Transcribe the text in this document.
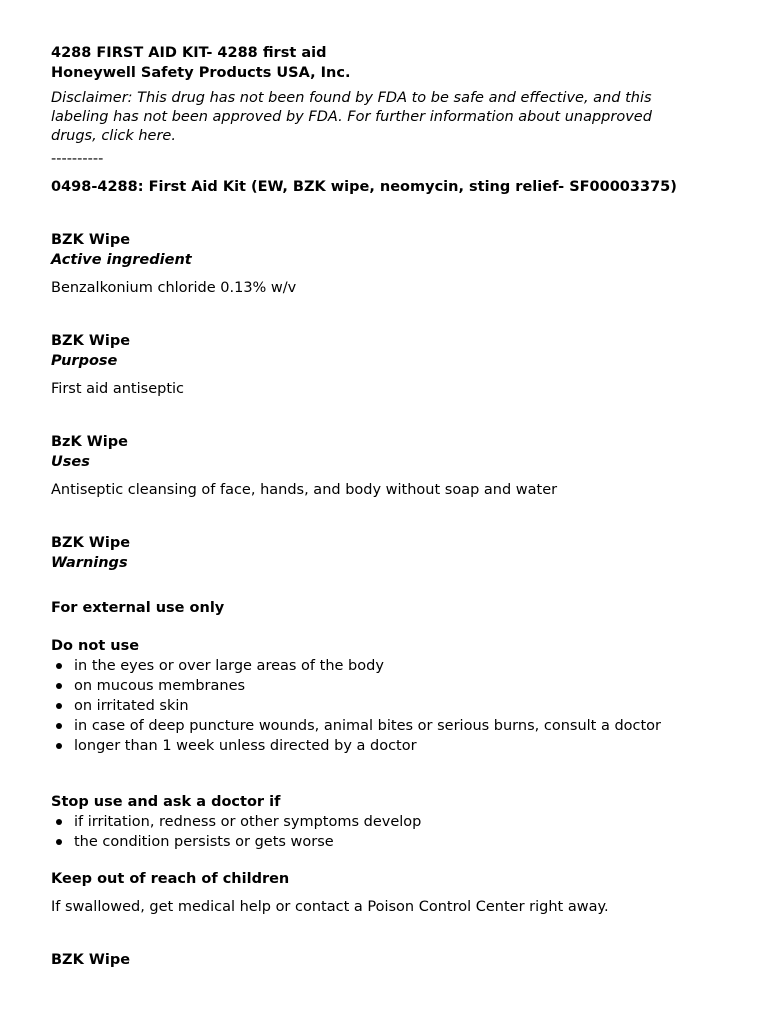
4288 FIRST AID KIT- 4288 first aid
Honeywell Safety Products USA, Inc.
Disclaimer: This drug has not been found by FDA to be safe and effective, and this labeling has not been approved by FDA. For further information about unapproved drugs, click here.
----------
0498-4288: First Aid Kit (EW, BZK wipe, neomycin, sting relief- SF00003375)
BZK Wipe
Active ingredient
Benzalkonium chloride 0.13% w/v
BZK Wipe
Purpose
First aid antiseptic
BzK Wipe
Uses
Antiseptic cleansing of face, hands, and body without soap and water
BZK Wipe
Warnings
For external use only
Do not use
in the eyes or over large areas of the body
on mucous membranes
on irritated skin
in case of deep puncture wounds, animal bites or serious burns, consult a doctor
longer than 1 week unless directed by a doctor
Stop use and ask a doctor if
if irritation, redness or other symptoms develop
the condition persists or gets worse
Keep out of reach of children
If swallowed, get medical help or contact a Poison Control Center right away.
BZK Wipe
